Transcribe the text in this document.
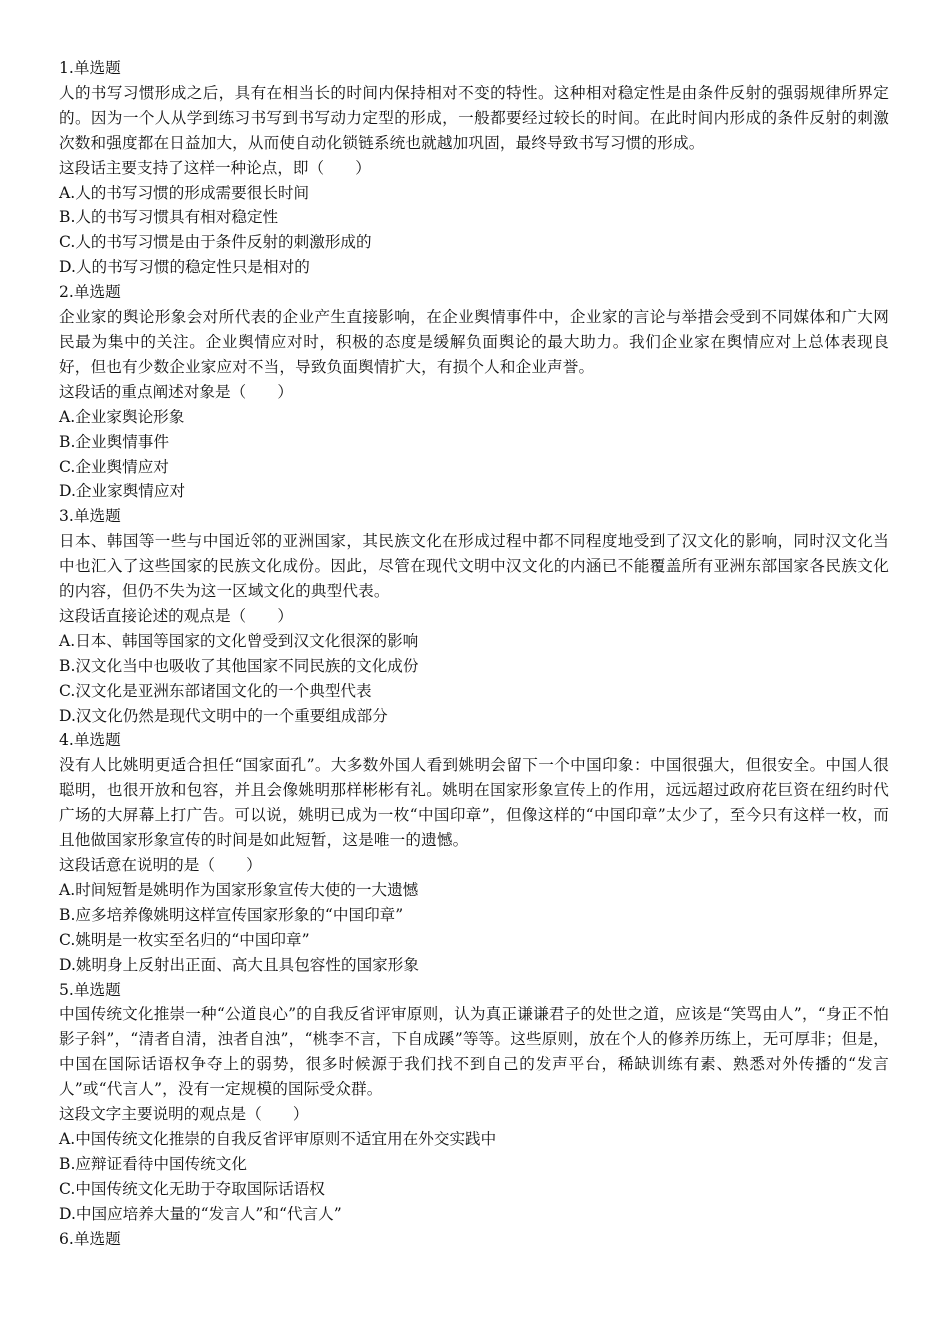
1.单选题
人的书写习惯形成之后，具有在相当长的时间内保持相对不变的特性。这种相对稳定性是由条件反射的强弱规律所界定的。因为一个人从学到练习书写到书写动力定型的形成，一般都要经过较长的时间。在此时间内形成的条件反射的刺激次数和强度都在日益加大，从而使自动化锁链系统也就越加巩固，最终导致书写习惯的形成。
这段话主要支持了这样一种论点，即（　　）
A.人的书写习惯的形成需要很长时间
B.人的书写习惯具有相对稳定性
C.人的书写习惯是由于条件反射的刺激形成的
D.人的书写习惯的稳定性只是相对的
2.单选题
企业家的舆论形象会对所代表的企业产生直接影响，在企业舆情事件中，企业家的言论与举措会受到不同媒体和广大网民最为集中的关注。企业舆情应对时，积极的态度是缓解负面舆论的最大助力。我们企业家在舆情应对上总体表现良好，但也有少数企业家应对不当，导致负面舆情扩大，有损个人和企业声誉。
这段话的重点阐述对象是（　　）
A.企业家舆论形象
B.企业舆情事件
C.企业舆情应对
D.企业家舆情应对
3.单选题
日本、韩国等一些与中国近邻的亚洲国家，其民族文化在形成过程中都不同程度地受到了汉文化的影响，同时汉文化当中也汇入了这些国家的民族文化成份。因此，尽管在现代文明中汉文化的内涵已不能覆盖所有亚洲东部国家各民族文化的内容，但仍不失为这一区域文化的典型代表。
这段话直接论述的观点是（　　）
A.日本、韩国等国家的文化曾受到汉文化很深的影响
B.汉文化当中也吸收了其他国家不同民族的文化成份
C.汉文化是亚洲东部诸国文化的一个典型代表
D.汉文化仍然是现代文明中的一个重要组成部分
4.单选题
没有人比姚明更适合担任“国家面孔”。大多数外国人看到姚明会留下一个中国印象：中国很强大，但很安全。中国人很聪明，也很开放和包容，并且会像姚明那样彬彬有礼。姚明在国家形象宣传上的作用，远远超过政府花巨资在纽约时代广场的大屏幕上打广告。可以说，姚明已成为一枚“中国印章”，但像这样的“中国印章”太少了，至今只有这样一枚，而且他做国家形象宣传的时间是如此短暂，这是唯一的遗憾。
这段话意在说明的是（　　）
A.时间短暂是姚明作为国家形象宣传大使的一大遗憾
B.应多培养像姚明这样宣传国家形象的“中国印章”
C.姚明是一枚实至名归的“中国印章”
D.姚明身上反射出正面、高大且具包容性的国家形象
5.单选题
中国传统文化推崇一种“公道良心”的自我反省评审原则，认为真正谦谦君子的处世之道，应该是“笑骂由人”，“身正不怕影子斜”，“清者自清，浊者自浊”，“桃李不言，下自成蹊”等等。这些原则，放在个人的修养历练上，无可厚非；但是，中国在国际话语权争夺上的弱势，很多时候源于我们找不到自己的发声平台，稀缺训练有素、熟悉对外传播的“发言人”或“代言人”，没有一定规模的国际受众群。
这段文字主要说明的观点是（　　）
A.中国传统文化推崇的自我反省评审原则不适宜用在外交实践中
B.应辩证看待中国传统文化
C.中国传统文化无助于夺取国际话语权
D.中国应培养大量的“发言人”和“代言人”
6.单选题
